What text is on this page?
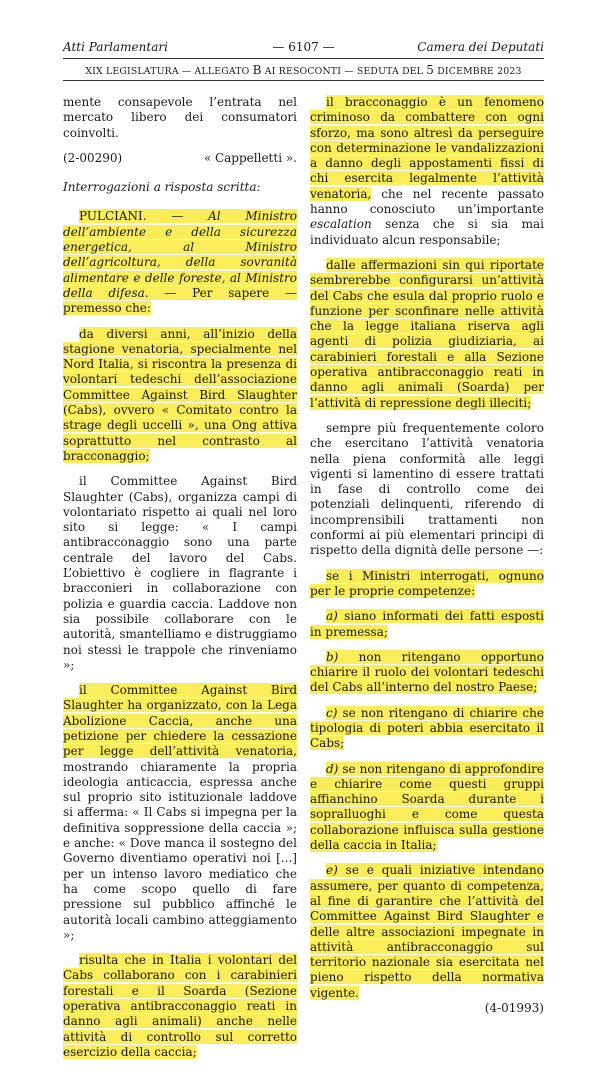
Atti Parlamentari	— 6107 —	Camera dei Deputati
XIX LEGISLATURA — ALLEGATO B AI RESOCONTI — SEDUTA DEL 5 DICEMBRE 2023

mente consapevole l’entrata nel mercato libero dei consumatori coinvolti.

(2-00290)	« Cappelletti ».

Interrogazioni a risposta scritta:

PULCIANI. — Al Ministro dell’ambiente e della sicurezza energetica, al Ministro dell’agricoltura, della sovranità alimentare e delle foreste, al Ministro della difesa. — Per sapere — premesso che:

da diversi anni, all’inizio della stagione venatoria, specialmente nel Nord Italia, si riscontra la presenza di volontari tedeschi dell’associazione Committee Against Bird Slaughter (Cabs), ovvero « Comitato contro la strage degli uccelli », una Ong attiva soprattutto nel contrasto al bracconaggio;

il Committee Against Bird Slaughter (Cabs), organizza campi di volontariato rispetto ai quali nel loro sito si legge: « I campi antibracconaggio sono una parte centrale del lavoro del Cabs. L’obiettivo è cogliere in flagrante i bracconieri in collaborazione con polizia e guardia caccia. Laddove non sia possibile collaborare con le autorità, smantelliamo e distruggiamo noi stessi le trappole che rinveniamo »;

il Committee Against Bird Slaughter ha organizzato, con la Lega Abolizione Caccia, anche una petizione per chiedere la cessazione per legge dell’attività venatoria, mostrando chiaramente la propria ideologia anticaccia, espressa anche sul proprio sito istituzionale laddove si afferma: « Il Cabs si impegna per la definitiva soppressione della caccia »; e anche: « Dove manca il sostegno del Governo diventiamo operativi noi [...] per un intenso lavoro mediatico che ha come scopo quello di fare pressione sul pubblico affinché le autorità locali cambino atteggiamento »;

risulta che in Italia i volontari del Cabs collaborano con i carabinieri forestali e il Soarda (Sezione operativa antibracconaggio reati in danno agli animali) anche nelle attività di controllo sul corretto esercizio della caccia;

il bracconaggio è un fenomeno criminoso da combattere con ogni sforzo, ma sono altresì da perseguire con determinazione le vandalizzazioni a danno degli appostamenti fissi di chi esercita legalmente l’attività venatoria, che nel recente passato hanno conosciuto un’importante escalation senza che si sia mai individuato alcun responsabile;

dalle affermazioni sin qui riportate sembrerebbe configurarsi un’attività del Cabs che esula dal proprio ruolo e funzione per sconfinare nelle attività che la legge italiana riserva agli agenti di polizia giudiziaria, ai carabinieri forestali e alla Sezione operativa antibracconaggio reati in danno agli animali (Soarda) per l’attività di repressione degli illeciti;

sempre più frequentemente coloro che esercitano l’attività venatoria nella piena conformità alle leggi vigenti si lamentino di essere trattati in fase di controllo come dei potenziali delinquenti, riferendo di incomprensibili trattamenti non conformi ai più elementari principi di rispetto della dignità delle persone —:

se i Ministri interrogati, ognuno per le proprie competenze:

a) siano informati dei fatti esposti in premessa;

b) non ritengano opportuno chiarire il ruolo dei volontari tedeschi del Cabs all’interno del nostro Paese;

c) se non ritengano di chiarire che tipologia di poteri abbia esercitato il Cabs;

d) se non ritengano di approfondire e chiarire come questi gruppi affianchino Soarda durante i sopralluoghi e come questa collaborazione influisca sulla gestione della caccia in Italia;

e) se e quali iniziative intendano assumere, per quanto di competenza, al fine di garantire che l’attività del Committee Against Bird Slaughter e delle altre associazioni impegnate in attività antibracconaggio sul territorio nazionale sia esercitata nel pieno rispetto della normativa vigente.

(4-01993)
